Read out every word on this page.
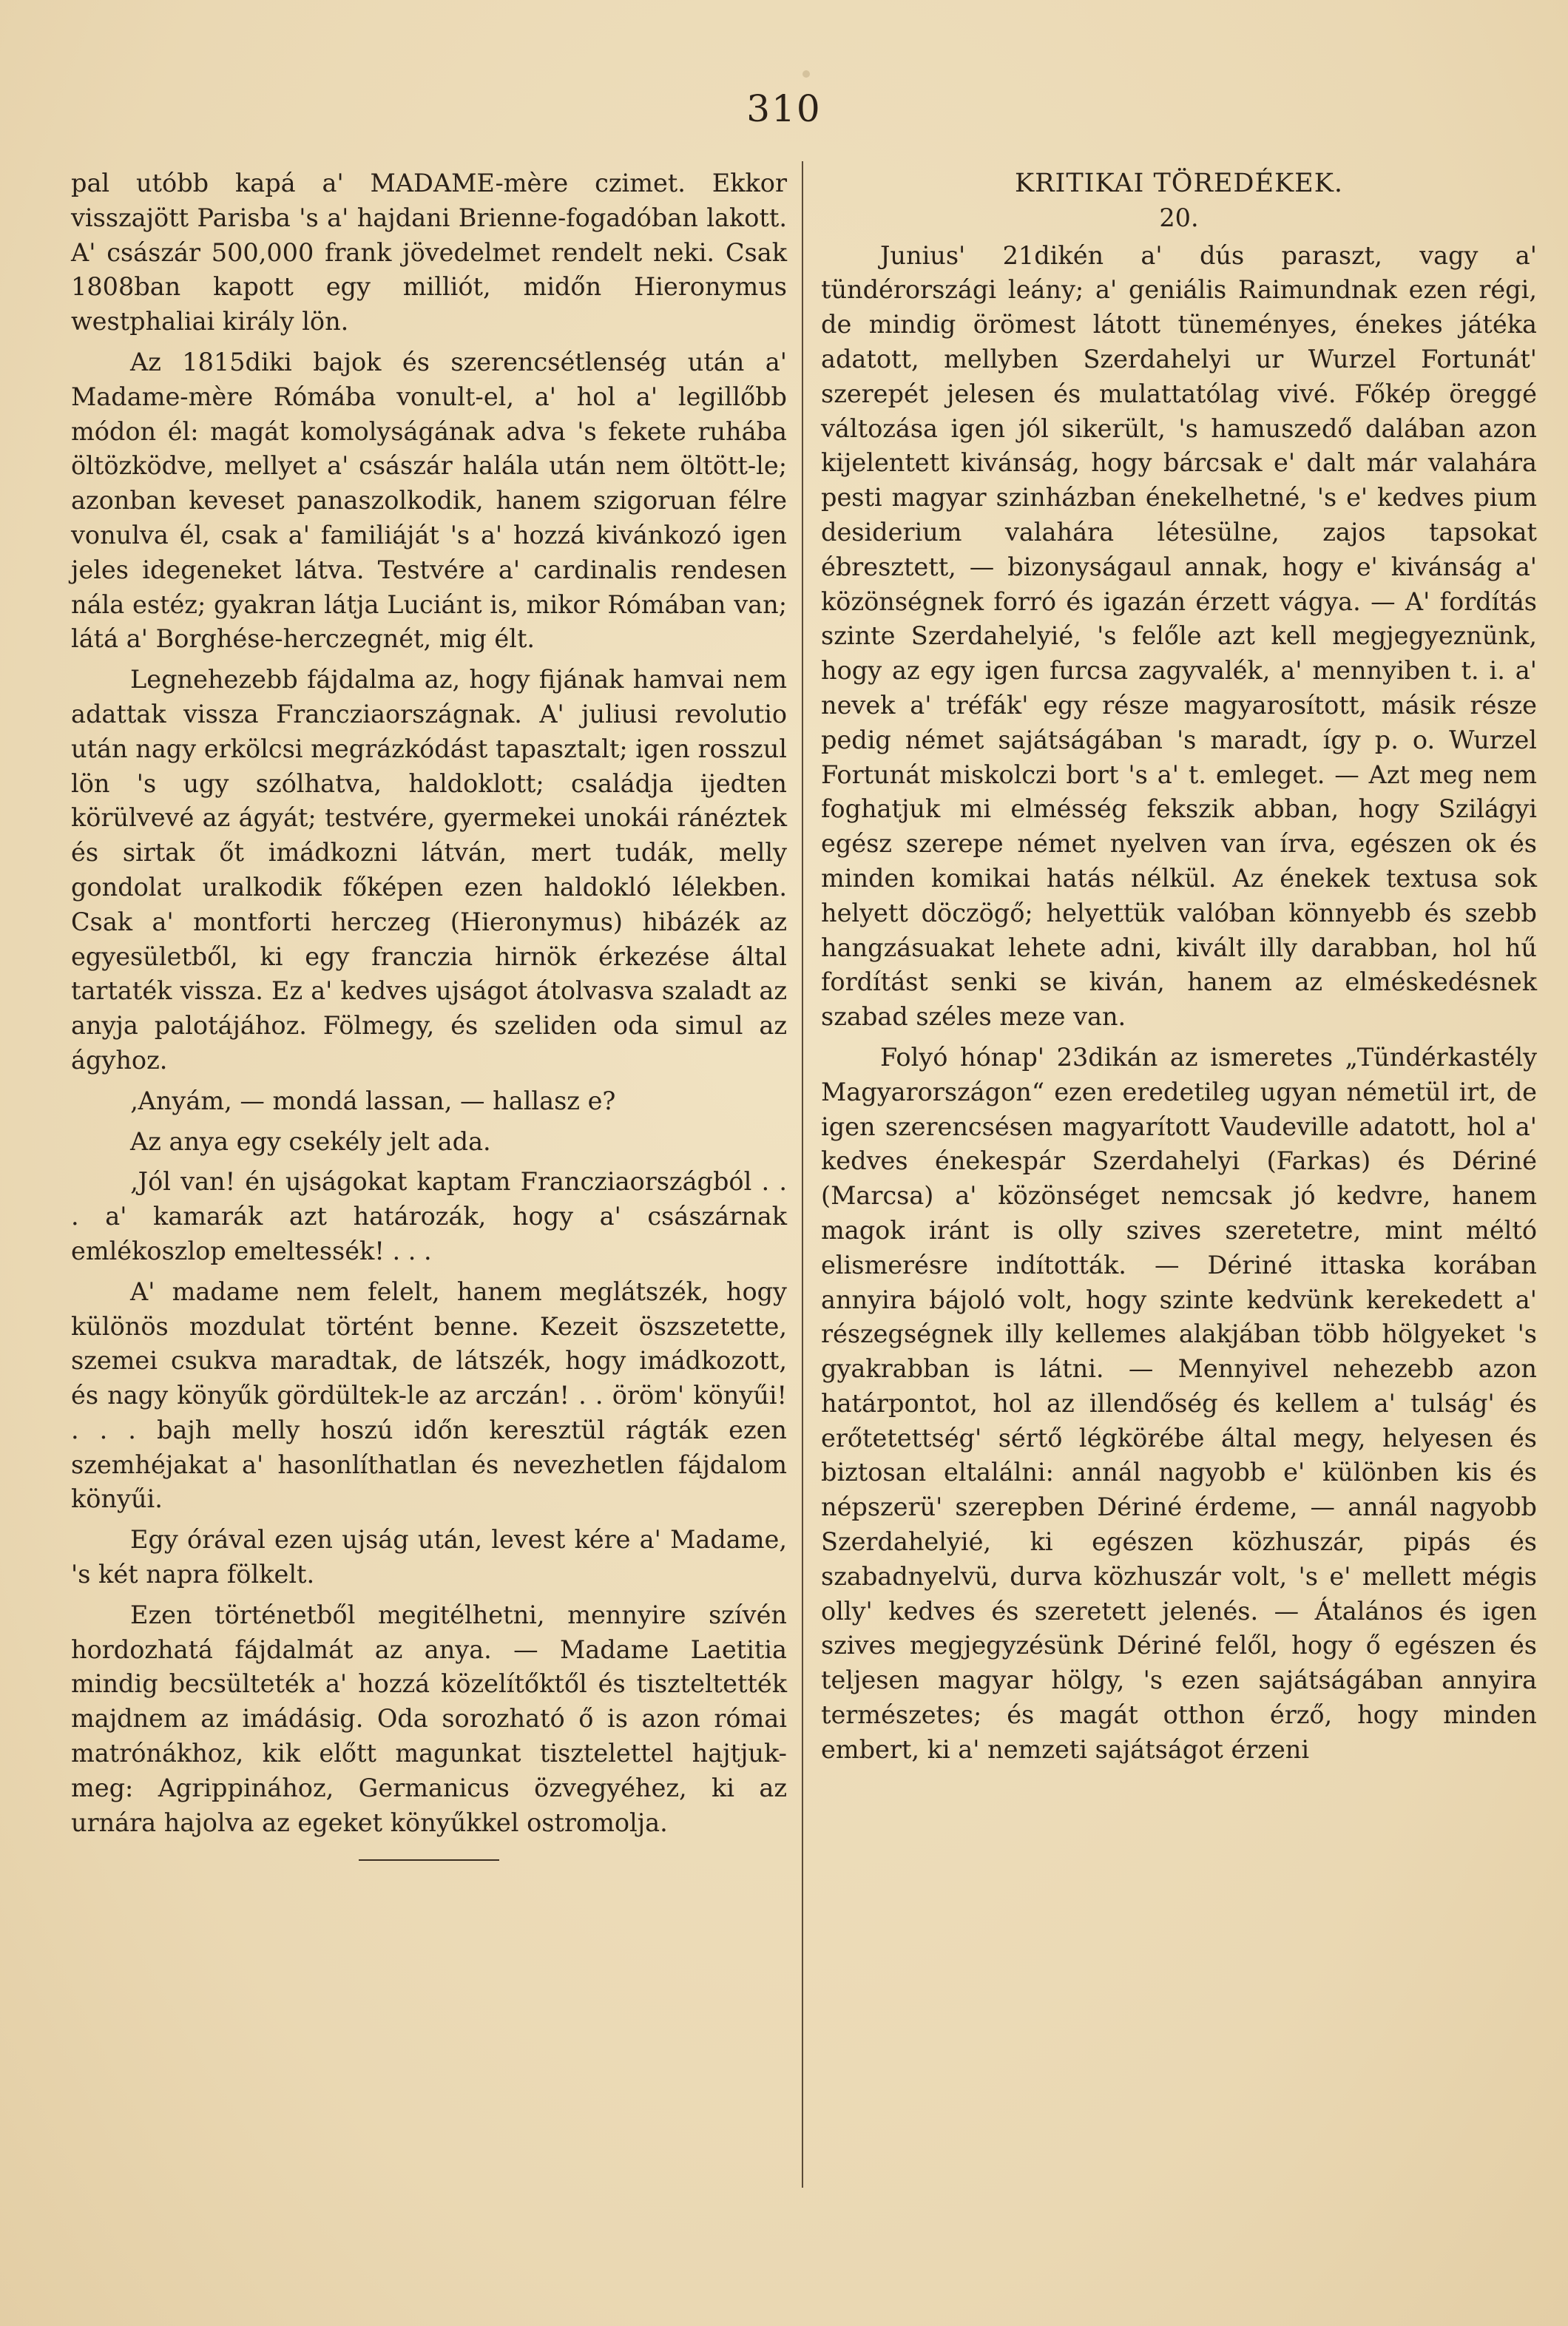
310

pal utóbb kapá a' MADAME-mère czimet. Ekkor visszajött Parisba 's a' hajdani Brienne-fogadóban lakott. A' császár 500,000 frank jövedelmet rendelt neki. Csak 1808ban kapott egy milliót, midőn Hieronymus westphaliai király lön.

Az 1815diki bajok és szerencsétlenség után a' Madame-mère Rómába vonult-el, a' hol a' legillőbb módon él: magát komolyságának adva 's fekete ruhába öltözködve, mellyet a' császár halála után nem öltött-le; azonban keveset panaszolkodik, hanem szigoruan félre vonulva él, csak a' familiáját 's a' hozzá kivánkozó igen jeles idegeneket látva. Testvére a' cardinalis rendesen nála estéz; gyakran látja Luciánt is, mikor Rómában van; látá a' Borghése-herczegnét, mig élt.

Legnehezebb fájdalma az, hogy fijának hamvai nem adattak vissza Francziaországnak. A' juliusi revolutio után nagy erkölcsi megrázkódást tapasztalt; igen rosszul lön 's ugy szólhatva, haldoklott; családja ijedten körülvevé az ágyát; testvére, gyermekei unokái ránéztek és sirtak őt imádkozni látván, mert tudák, melly gondolat uralkodik főképen ezen haldokló lélekben. Csak a' montforti herczeg (Hieronymus) hibázék az egyesületből, ki egy franczia hirnök érkezése által tartaték vissza. Ez a' kedves ujságot átolvasva szaladt az anyja palotájához. Fölmegy, és szeliden oda simul az ágyhoz.

‚Anyám, — mondá lassan, — hallasz e?

Az anya egy csekély jelt ada.

‚Jól van! én ujságokat kaptam Francziaországból . . . a' kamarák azt határozák, hogy a' császárnak emlékoszlop emeltessék! . . .

A' madame nem felelt, hanem meglátszék, hogy különös mozdulat történt benne. Kezeit öszszetette, szemei csukva maradtak, de látszék, hogy imádkozott, és nagy könyűk gördültek-le az arczán! . . öröm' könyűi! . . . bajh melly hoszú időn keresztül rágták ezen szemhéjakat a' hasonlíthatlan és nevezhetlen fájdalom könyűi.

Egy órával ezen ujság után, levest kére a' Madame, 's két napra fölkelt.

Ezen történetből megitélhetni, mennyire szívén hordozhatá fájdalmát az anya. — Madame Laetitia mindig becsülteték a' hozzá közelítőktől és tiszteltették majdnem az imádásig. Oda sorozható ő is azon római matrónákhoz, kik előtt magunkat tisztelettel hajtjuk-meg: Agrippinához, Germanicus özvegyéhez, ki az urnára hajolva az egeket könyűkkel ostromolja.

KRITIKAI TÖREDÉKEK.

20.

Junius' 21dikén a' dús paraszt, vagy a' tündérországi leány; a' geniális Raimundnak ezen régi, de mindig örömest látott tüneményes, énekes játéka adatott, mellyben Szerdahelyi ur Wurzel Fortunát' szerepét jelesen és mulattatólag vivé. Főkép öreggé változása igen jól sikerült, 's hamuszedő dalában azon kijelentett kivánság, hogy bárcsak e' dalt már valahára pesti magyar szinházban énekelhetné, 's e' kedves pium desiderium valahára létesülne, zajos tapsokat ébresztett, — bizonyságaul annak, hogy e' kivánság a' közönségnek forró és igazán érzett vágya. — A' fordítás szinte Szerdahelyié, 's felőle azt kell megjegyeznünk, hogy az egy igen furcsa zagyvalék, a' mennyiben t. i. a' nevek a' tréfák' egy része magyarosított, másik része pedig német sajátságában 's maradt, így p. o. Wurzel Fortunát miskolczi bort 's a' t. emleget. — Azt meg nem foghatjuk mi elmésség fekszik abban, hogy Szilágyi egész szerepe német nyelven van írva, egészen ok és minden komikai hatás nélkül. Az énekek textusa sok helyett döczögő; helyettük valóban könnyebb és szebb hangzásuakat lehete adni, kivált illy darabban, hol hű fordítást senki se kiván, hanem az elméskedésnek szabad széles meze van.

Folyó hónap' 23dikán az ismeretes „Tündérkastély Magyarországon“ ezen eredetileg ugyan németül irt, de igen szerencsésen magyarított Vaudeville adatott, hol a' kedves énekespár Szerdahelyi (Farkas) és Dériné (Marcsa) a' közönséget nemcsak jó kedvre, hanem magok iránt is olly szives szeretetre, mint méltó elismerésre indították. — Dériné ittaska korában annyira bájoló volt, hogy szinte kedvünk kerekedett a' részegségnek illy kellemes alakjában több hölgyeket 's gyakrabban is látni. — Mennyivel nehezebb azon határpontot, hol az illendőség és kellem a' tulság' és erőtetettség' sértő légkörébe által megy, helyesen és biztosan eltalálni: annál nagyobb e' különben kis és népszerü' szerepben Dériné érdeme, — annál nagyobb Szerdahelyié, ki egészen közhuszár, pipás és szabadnyelvü, durva közhuszár volt, 's e' mellett mégis olly' kedves és szeretett jelenés. — Átalános és igen szives megjegyzésünk Dériné felől, hogy ő egészen és teljesen magyar hölgy, 's ezen sajátságában annyira természetes; és magát otthon érző, hogy minden embert, ki a' nemzeti sajátságot érzeni
